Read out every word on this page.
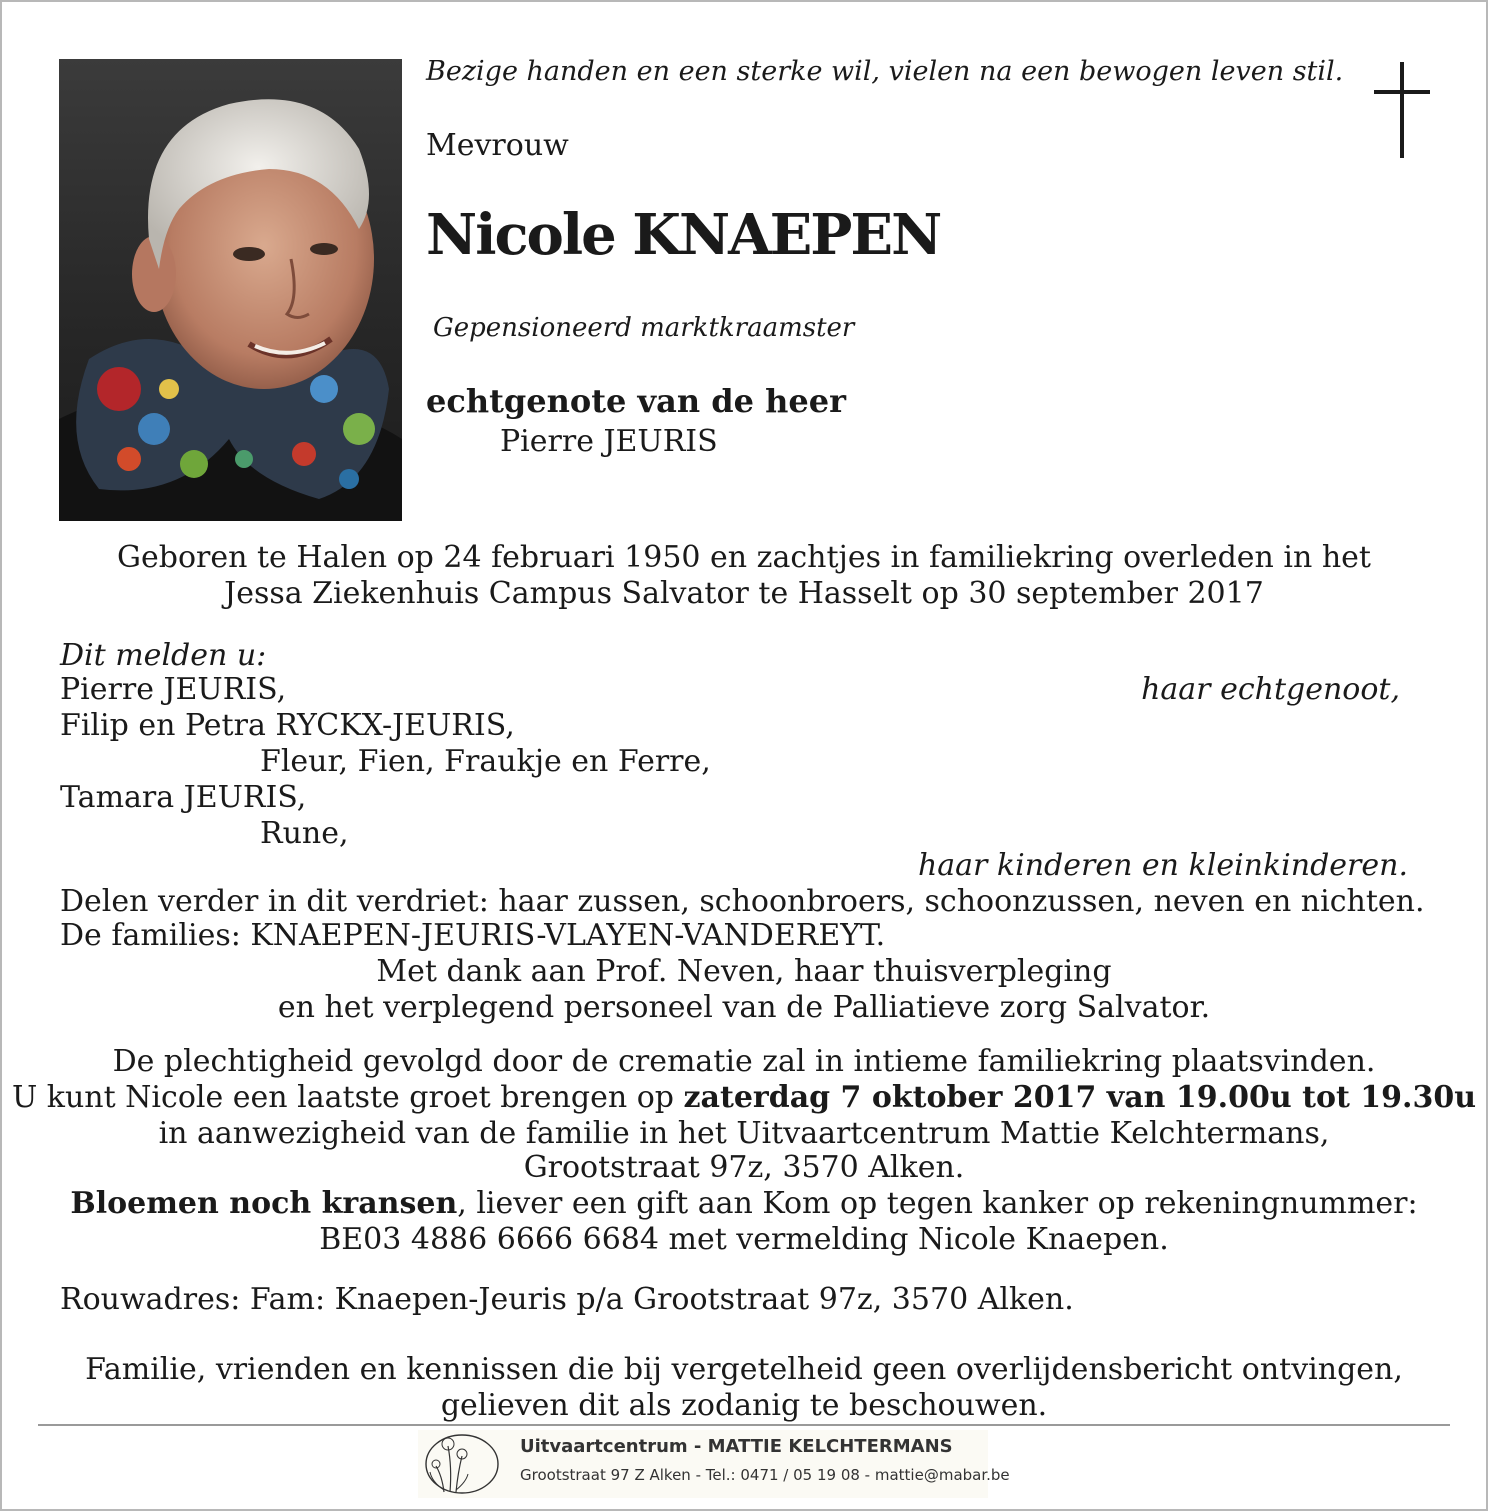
Bezige handen en een sterke wil, vielen na een bewogen leven stil.
Mevrouw
Nicole KNAEPEN
Gepensioneerd marktkraamster
echtgenote van de heer
Pierre JEURIS
Geboren te Halen op 24 februari 1950 en zachtjes in familiekring overleden in het
Jessa Ziekenhuis Campus Salvator te Hasselt op 30 september 2017
Dit melden u:
Pierre JEURIS,	haar echtgenoot,
Filip en Petra RYCKX-JEURIS,
Fleur, Fien, Fraukje en Ferre,
Tamara JEURIS,
Rune,
haar kinderen en kleinkinderen.
Delen verder in dit verdriet: haar zussen, schoonbroers, schoonzussen, neven en nichten.
De families: KNAEPEN-JEURIS-VLAYEN-VANDEREYT.
Met dank aan Prof. Neven, haar thuisverpleging
en het verplegend personeel van de Palliatieve zorg Salvator.
De plechtigheid gevolgd door de crematie zal in intieme familiekring plaatsvinden.
U kunt Nicole een laatste groet brengen op zaterdag 7 oktober 2017 van 19.00u tot 19.30u
in aanwezigheid van de familie in het Uitvaartcentrum Mattie Kelchtermans,
Grootstraat 97z, 3570 Alken.
Bloemen noch kransen, liever een gift aan Kom op tegen kanker op rekeningnummer:
BE03 4886 6666 6684 met vermelding Nicole Knaepen.
Rouwadres: Fam: Knaepen-Jeuris p/a Grootstraat 97z, 3570 Alken.
Familie, vrienden en kennissen die bij vergetelheid geen overlijdensbericht ontvingen,
gelieven dit als zodanig te beschouwen.
Uitvaartcentrum - MATTIE KELCHTERMANS
Grootstraat 97 Z Alken - Tel.: 0471 / 05 19 08 - mattie@mabar.be
